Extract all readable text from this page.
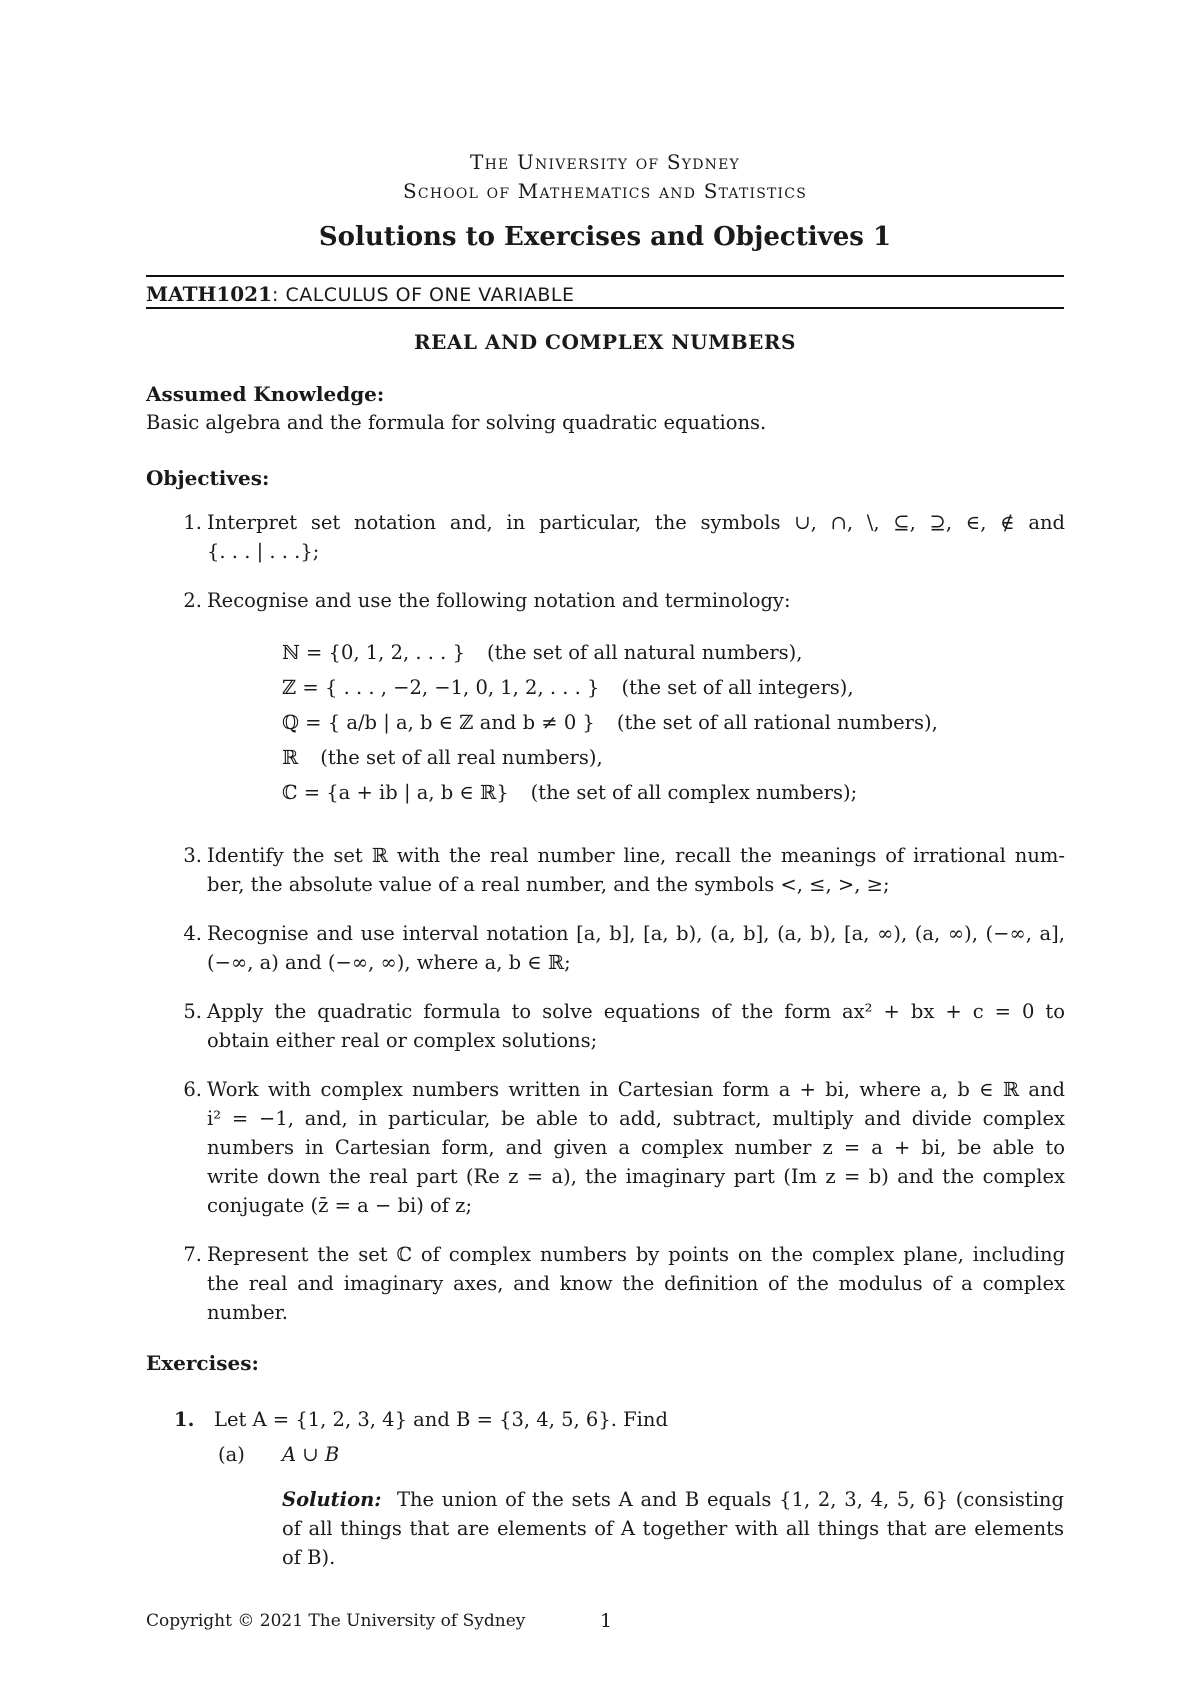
The University of Sydney
School of Mathematics and Statistics
Solutions to Exercises and Objectives 1
MATH1021: CALCULUS OF ONE VARIABLE
REAL AND COMPLEX NUMBERS
Assumed Knowledge:
Basic algebra and the formula for solving quadratic equations.
Objectives:
1. Interpret set notation and, in particular, the symbols ∪, ∩, \, ⊆, ⊇, ∈, ∉ and
{. . . | . . .};
2. Recognise and use the following notation and terminology:
ℕ = {0, 1, 2, . . . } (the set of all natural numbers),
ℤ = { . . . , −2, −1, 0, 1, 2, . . . } (the set of all integers),
ℚ = { a/b | a, b ∈ ℤ and b ≠ 0 } (the set of all rational numbers),
ℝ (the set of all real numbers),
ℂ = {a + ib | a, b ∈ ℝ} (the set of all complex numbers);
3. Identify the set ℝ with the real number line, recall the meanings of irrational num-
ber, the absolute value of a real number, and the symbols <, ≤, >, ≥;
4. Recognise and use interval notation [a, b], [a, b), (a, b], (a, b), [a, ∞), (a, ∞), (−∞, a],
(−∞, a) and (−∞, ∞), where a, b ∈ ℝ;
5. Apply the quadratic formula to solve equations of the form ax² + bx + c = 0 to
obtain either real or complex solutions;
6. Work with complex numbers written in Cartesian form a + bi, where a, b ∈ ℝ and
i² = −1, and, in particular, be able to add, subtract, multiply and divide complex
numbers in Cartesian form, and given a complex number z = a + bi, be able to
write down the real part (Re z = a), the imaginary part (Im z = b) and the complex
conjugate (z̄ = a − bi) of z;
7. Represent the set ℂ of complex numbers by points on the complex plane, including
the real and imaginary axes, and know the definition of the modulus of a complex
number.
Exercises:
1.	Let A = {1, 2, 3, 4} and B = {3, 4, 5, 6}. Find
(a) A ∪ B
Solution: The union of the sets A and B equals {1, 2, 3, 4, 5, 6} (consisting
of all things that are elements of A together with all things that are elements
of B).
Copyright © 2021 The University of Sydney	1
